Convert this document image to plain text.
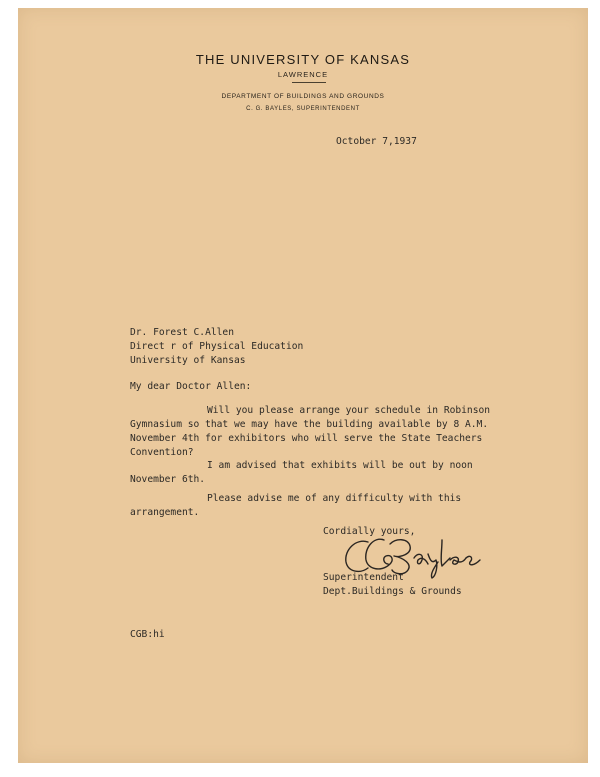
THE UNIVERSITY OF KANSAS
LAWRENCE
DEPARTMENT OF BUILDINGS AND GROUNDS
C. G. BAYLES, SUPERINTENDENT
October 7,1937
Dr. Forest C.Allen
Direct r of Physical Education
University of Kansas
My dear Doctor Allen:
Will you please arrange your schedule in Robinson
Gymnasium so that we may have the building available by 8 A.M.
November 4th for exhibitors who will serve the State Teachers
Convention?
I am advised that exhibits will be out by noon
November 6th.
Please advise me of any difficulty with this
arrangement.
Cordially yours,
Superintendent
Dept.Buildings & Grounds
CGB:hi
